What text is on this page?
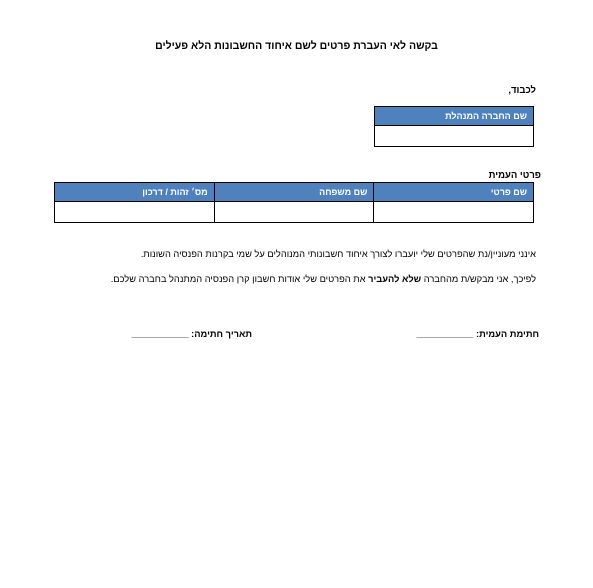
בקשה לאי העברת פרטים לשם איחוד החשבונות הלא פעילים
לכבוד,
שם החברה המנהלת

פרטי העמית
שם פרטי	שם משפחה	מס׳ זהות / דרכון

אינני מעוניין/נת שהפרטים שלי יועברו לצורך איחוד חשבונותי המנוהלים על שמי בקרנות הפנסיה השונות.
לפיכך, אני מבקש/ת מהחברה שלא להעביר את הפרטים שלי אודות חשבון קרן הפנסיה המתנהל בחברה שלכם.
חתימת העמית: ___________
תאריך חתימה: ___________
